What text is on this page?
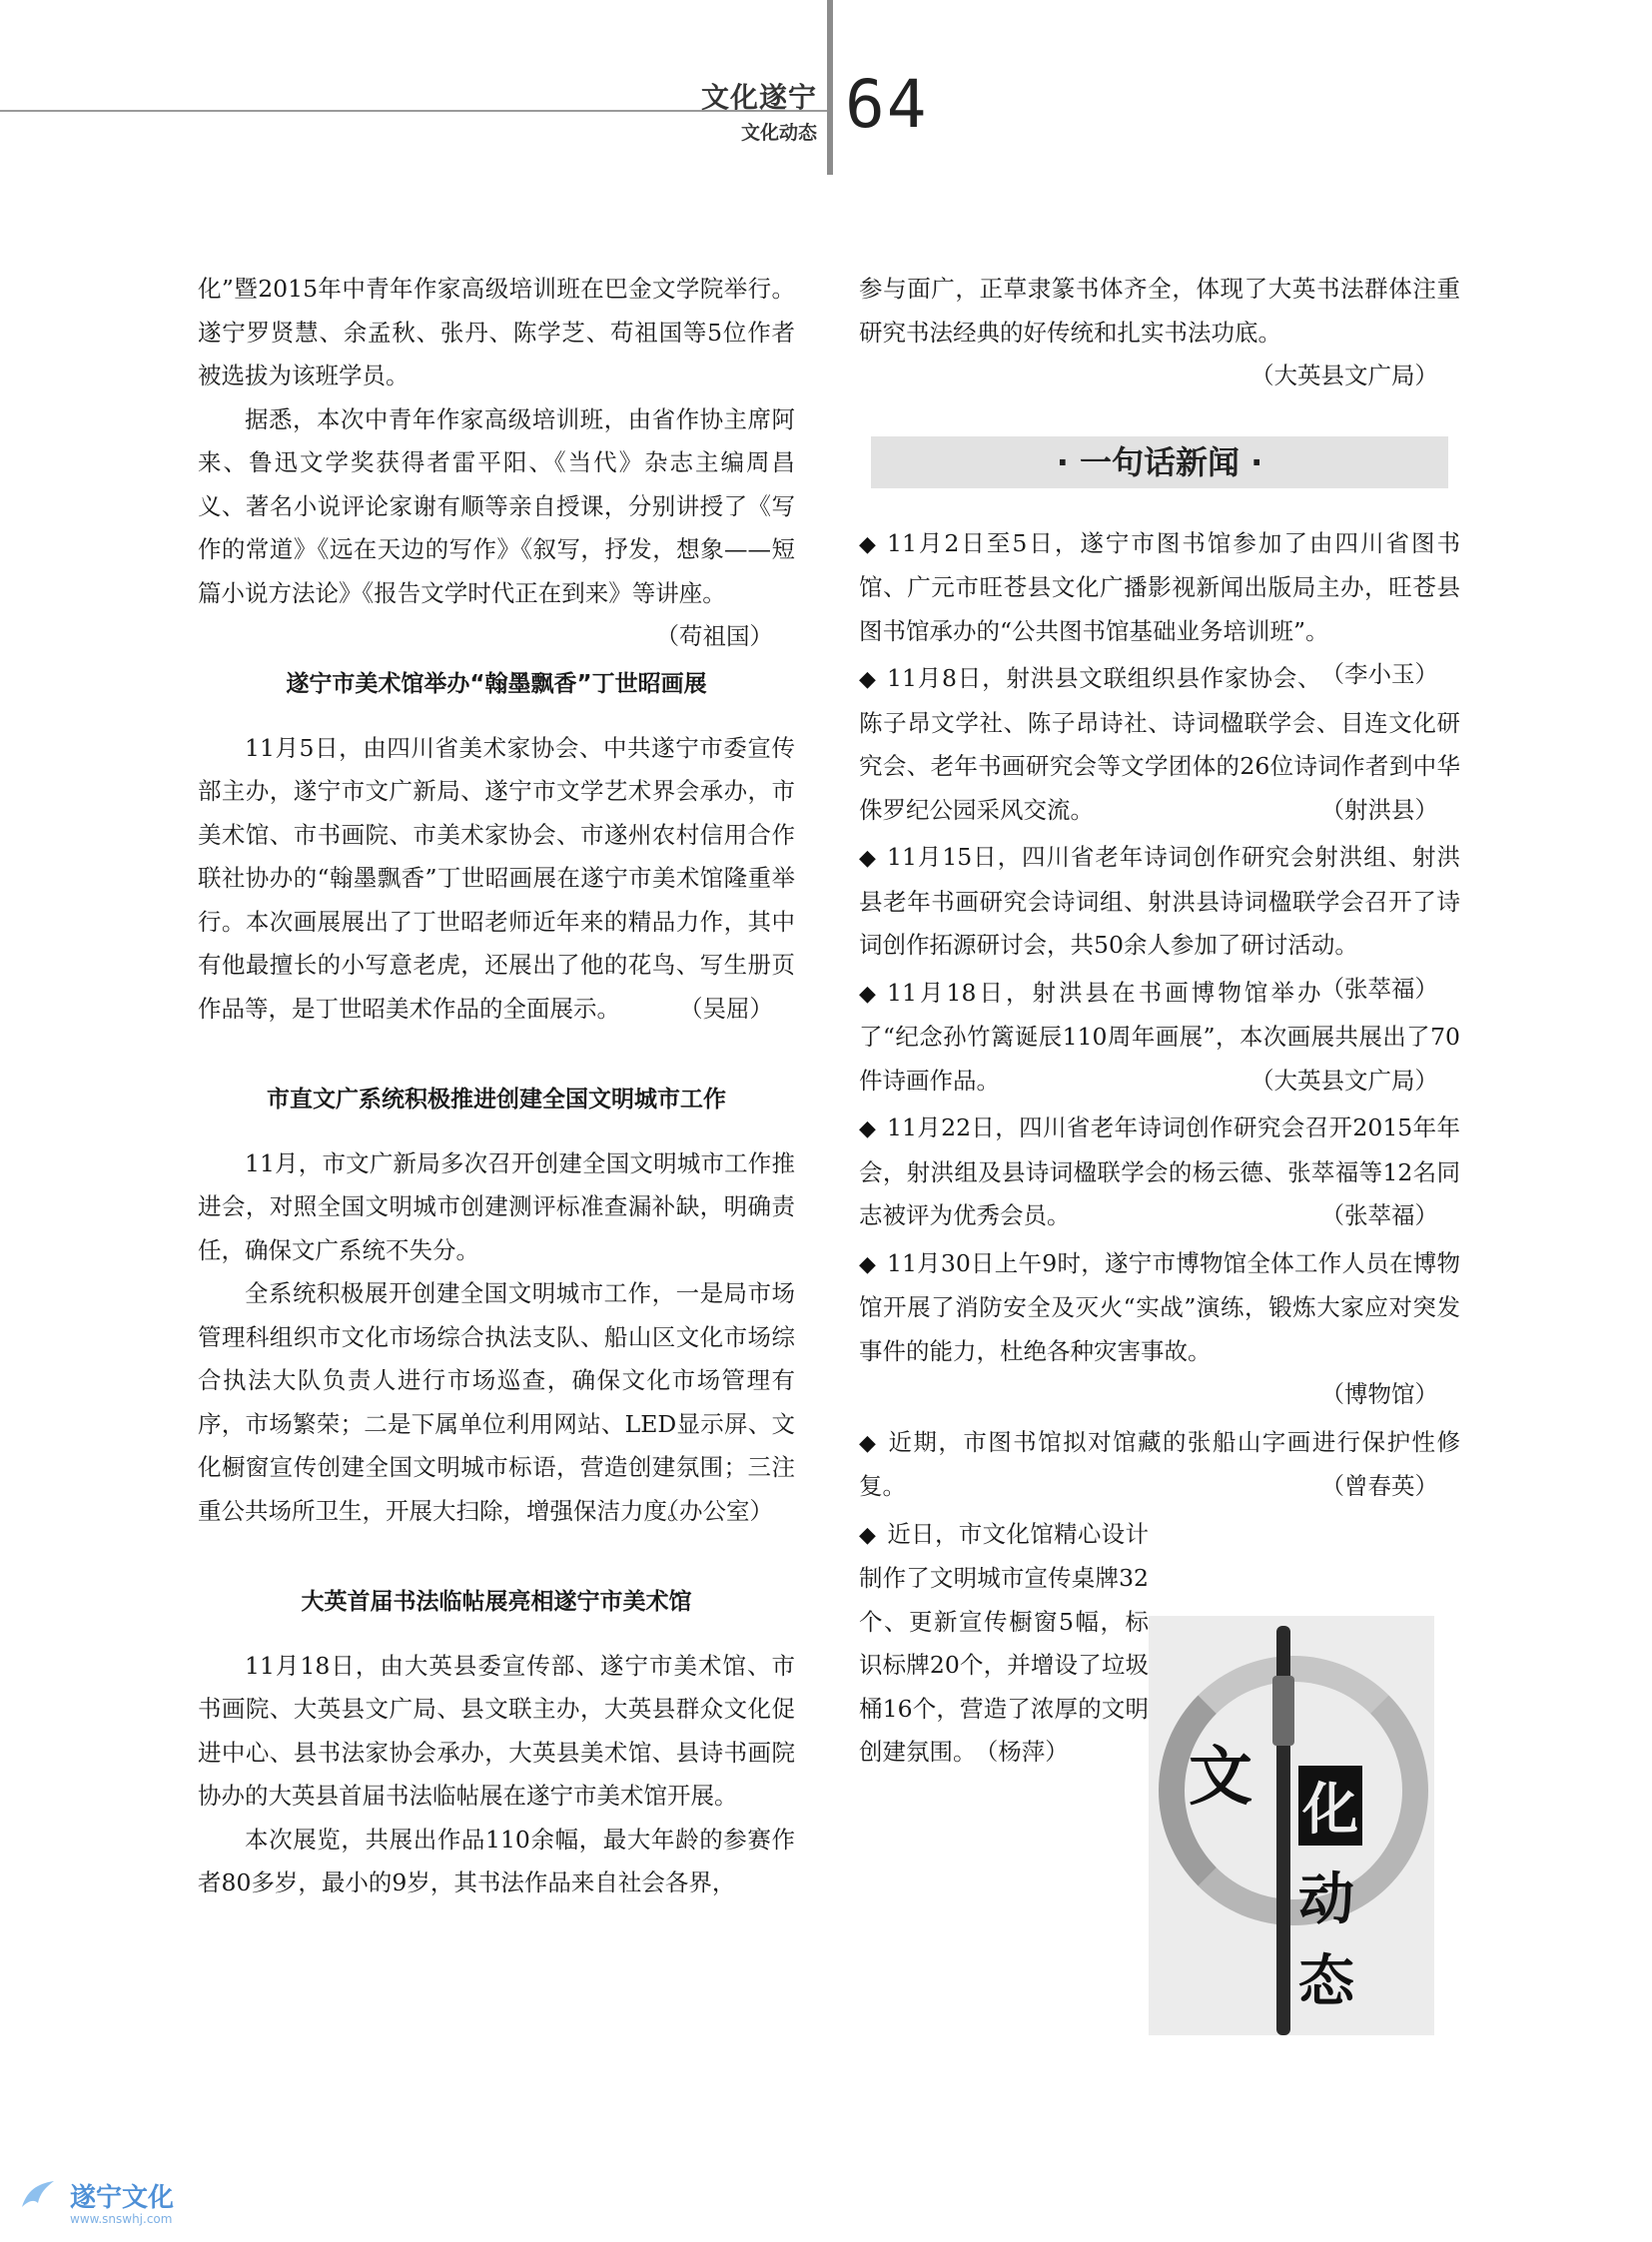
文化遂宁
文化动态 64

化”暨2015年中青年作家高级培训班在巴金文学院举行。遂宁罗贤慧、余孟秋、张丹、陈学芝、苟祖国等5位作者被选拔为该班学员。

据悉，本次中青年作家高级培训班，由省作协主席阿来、鲁迅文学奖获得者雷平阳、《当代》杂志主编周昌义、著名小说评论家谢有顺等亲自授课，分别讲授了《写作的常道》《远在天边的写作》《叙写，抒发，想象——短篇小说方法论》《报告文学时代正在到来》等讲座。
（苟祖国）

遂宁市美术馆举办“翰墨飘香”丁世昭画展

11月5日，由四川省美术家协会、中共遂宁市委宣传部主办，遂宁市文广新局、遂宁市文学艺术界会承办，市美术馆、市书画院、市美术家协会、市遂州农村信用合作联社协办的“翰墨飘香”丁世昭画展在遂宁市美术馆隆重举行。本次画展展出了丁世昭老师近年来的精品力作，其中有他最擅长的小写意老虎，还展出了他的花鸟、写生册页作品等，是丁世昭美术作品的全面展示。	（吴屈）

市直文广系统积极推进创建全国文明城市工作

11月，市文广新局多次召开创建全国文明城市工作推进会，对照全国文明城市创建测评标准查漏补缺，明确责任，确保文广系统不失分。

全系统积极展开创建全国文明城市工作，一是局市场管理科组织市文化市场综合执法支队、船山区文化市场综合执法大队负责人进行市场巡查，确保文化市场管理有序，市场繁荣；二是下属单位利用网站、LED显示屏、文化橱窗宣传创建全国文明城市标语，营造创建氛围；三注重公共场所卫生，开展大扫除，增强保洁力度。

（办公室）

大英首届书法临帖展亮相遂宁市美术馆

11月18日，由大英县委宣传部、遂宁市美术馆、市书画院、大英县文广局、县文联主办，大英县群众文化促进中心、县书法家协会承办，大英县美术馆、县诗书画院协办的大英县首届书法临帖展在遂宁市美术馆开展。

本次展览，共展出作品110余幅，最大年龄的参赛作者80多岁，最小的9岁，其书法作品来自社会各界，

参与面广，正草隶篆书体齐全，体现了大英书法群体注重研究书法经典的好传统和扎实书法功底。

（大英县文广局）

· 一句话新闻 ·

◆ 11月2日至5日，遂宁市图书馆参加了由四川省图书馆、广元市旺苍县文化广播影视新闻出版局主办，旺苍县图书馆承办的“公共图书馆基础业务培训班”。
（李小玉）

◆ 11月8日，射洪县文联组织县作家协会、陈子昂文学社、陈子昂诗社、诗词楹联学会、目连文化研究会、老年书画研究会等文学团体的26位诗词作者到中华侏罗纪公园采风交流。	（射洪县）

◆ 11月15日，四川省老年诗词创作研究会射洪组、射洪县老年书画研究会诗词组、射洪县诗词楹联学会召开了诗词创作拓源研讨会，共50余人参加了研讨活动。
（张萃福）

◆ 11月18日，射洪县在书画博物馆举办了“纪念孙竹篱诞辰110周年画展”，本次画展共展出了70件诗画作品。	（大英县文广局）

◆ 11月22日，四川省老年诗词创作研究会召开2015年年会，射洪组及县诗词楹联学会的杨云德、张萃福等12名同志被评为优秀会员。	（张萃福）

◆ 11月30日上午9时，遂宁市博物馆全体工作人员在博物馆开展了消防安全及灭火“实战”演练，锻炼大家应对突发事件的能力，杜绝各种灾害事故。

（博物馆）

◆ 近期，市图书馆拟对馆藏的张船山字画进行保护性修复。	（曾春英）

◆ 近日，市文化馆精心设计制作了文明城市宣传桌牌32个、更新宣传橱窗5幅，标识标牌20个，并增设了垃圾桶16个，营造了浓厚的文明创建氛围。 （杨萍）	文 化
动
态
遂宁文化
www.snswhj.com
